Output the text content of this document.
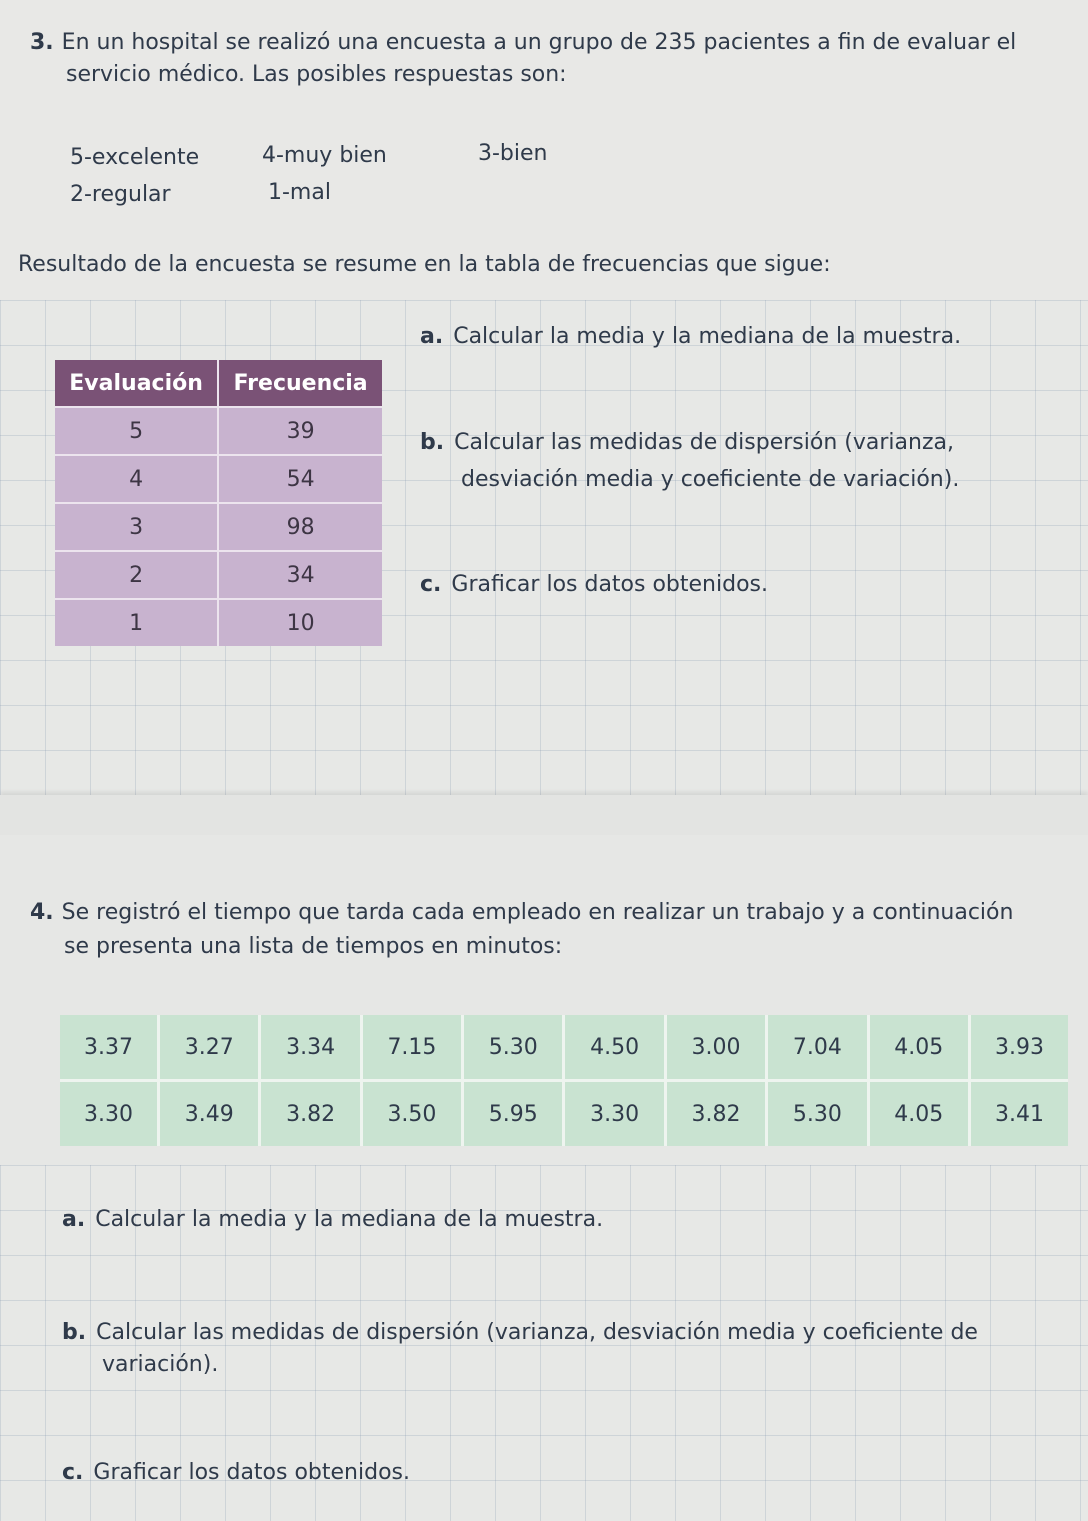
3. En un hospital se realizó una encuesta a un grupo de 235 pacientes a fin de evaluar el

servicio médico. Las posibles respuestas son:

5-excelente	4-muy bien	3-bien

2-regular	1-mal

Resultado de la encuesta se resume en la tabla de frecuencias que sigue:

Evaluación	Frecuencia
5	39
4	54
3	98
2	34
1	10

a. Calcular la media y la mediana de la muestra.

b. Calcular las medidas de dispersión (varianza,

desviación media y coeficiente de variación).

c. Graficar los datos obtenidos.

4. Se registró el tiempo que tarda cada empleado en realizar un trabajo y a continuación

se presenta una lista de tiempos en minutos:

3.37	3.27	3.34	7.15	5.30	4.50	3.00	7.04	4.05	3.93
3.30	3.49	3.82	3.50	5.95	3.30	3.82	5.30	4.05	3.41

a. Calcular la media y la mediana de la muestra.

b. Calcular las medidas de dispersión (varianza, desviación media y coeficiente de

variación).

c. Graficar los datos obtenidos.
